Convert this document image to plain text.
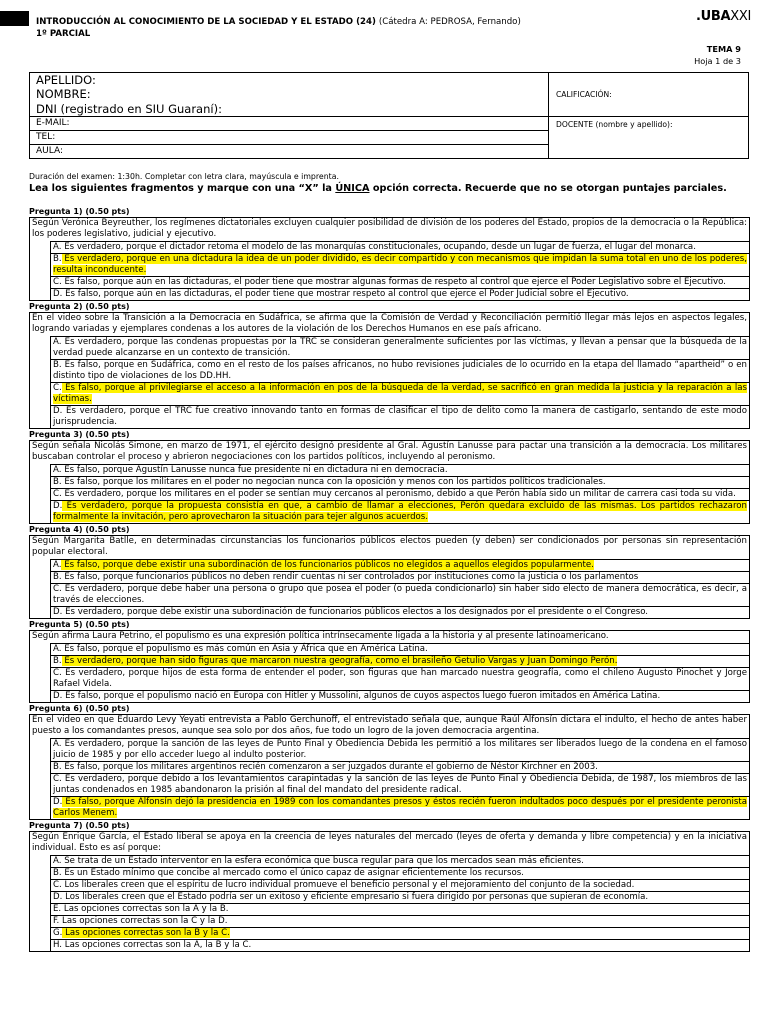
INTRODUCCIÓN AL CONOCIMIENTO DE LA SOCIEDAD Y EL ESTADO (24) (Cátedra A: PEDROSA, Fernando)
1º PARCIAL
.UBAXXI
TEMA 9
Hoja 1 de 3
APELLIDO:
NOMBRE:
DNI (registrado en SIU Guaraní):
E-MAIL:
TEL:
AULA:
CALIFICACIÓN:
DOCENTE (nombre y apellido):
Duración del examen: 1:30h. Completar con letra clara, mayúscula e imprenta.
Lea los siguientes fragmentos y marque con una “X” la ÚNICA opción correcta. Recuerde que no se otorgan puntajes parciales.
Pregunta 1) (0.50 pts)
Según Verónica Beyreuther, los regímenes dictatoriales excluyen cualquier posibilidad de división de los poderes del Estado, propios de la democracia o la República: los poderes legislativo, judicial y ejecutivo.
A. Es verdadero, porque el dictador retoma el modelo de las monarquías constitucionales, ocupando, desde un lugar de fuerza, el lugar del monarca.
B. Es verdadero, porque en una dictadura la idea de un poder dividido, es decir compartido y con mecanismos que impidan la suma total en uno de los poderes, resulta inconducente.
C. Es falso, porque aún en las dictaduras, el poder tiene que mostrar algunas formas de respeto al control que ejerce el Poder Legislativo sobre el Ejecutivo.
D. Es falso, porque aún en las dictaduras, el poder tiene que mostrar respeto al control que ejerce el Poder Judicial sobre el Ejecutivo.
Pregunta 2) (0.50 pts)
En el video sobre la Transición a la Democracia en Sudáfrica, se afirma que la Comisión de Verdad y Reconciliación permitió llegar más lejos en aspectos legales, logrando variadas y ejemplares condenas a los autores de la violación de los Derechos Humanos en ese país africano.
A. Es verdadero, porque las condenas propuestas por la TRC se consideran generalmente suficientes por las víctimas, y llevan a pensar que la búsqueda de la verdad puede alcanzarse en un contexto de transición.
B. Es falso, porque en Sudáfrica, como en el resto de los países africanos, no hubo revisiones judiciales de lo ocurrido en la etapa del llamado “apartheid” o en distinto tipo de violaciones de los DD.HH.
C. Es falso, porque al privilegiarse el acceso a la información en pos de la búsqueda de la verdad, se sacrificó en gran medida la justicia y la reparación a las víctimas.
D. Es verdadero, porque el TRC fue creativo innovando tanto en formas de clasificar el tipo de delito como la manera de castigarlo, sentando de este modo jurisprudencia.
Pregunta 3) (0.50 pts)
Según señala Nicolás Simone, en marzo de 1971, el ejército designó presidente al Gral. Agustín Lanusse para pactar una transición a la democracia. Los militares buscaban controlar el proceso y abrieron negociaciones con los partidos políticos, incluyendo al peronismo.
A. Es falso, porque Agustín Lanusse nunca fue presidente ni en dictadura ni en democracia.
B. Es falso, porque los militares en el poder no negocian nunca con la oposición y menos con los partidos políticos tradicionales.
C. Es verdadero, porque los militares en el poder se sentían muy cercanos al peronismo, debido a que Perón había sido un militar de carrera casi toda su vida.
D. Es verdadero, porque la propuesta consistía en que, a cambio de llamar a elecciones, Perón quedara excluido de las mismas. Los partidos rechazaron formalmente la invitación, pero aprovecharon la situación para tejer algunos acuerdos.
Pregunta 4) (0.50 pts)
Según Margarita Batlle, en determinadas circunstancias los funcionarios públicos electos pueden (y deben) ser condicionados por personas sin representación popular electoral.
A. Es falso, porque debe existir una subordinación de los funcionarios públicos no elegidos a aquellos elegidos popularmente.
B. Es falso, porque funcionarios públicos no deben rendir cuentas ni ser controlados por instituciones como la justicia o los parlamentos
C. Es verdadero, porque debe haber una persona o grupo que posea el poder (o pueda condicionarlo) sin haber sido electo de manera democrática, es decir, a través de elecciones.
D. Es verdadero, porque debe existir una subordinación de funcionarios públicos electos a los designados por el presidente o el Congreso.
Pregunta 5) (0.50 pts)
Según afirma Laura Petrino, el populismo es una expresión política intrínsecamente ligada a la historia y al presente latinoamericano.
A. Es falso, porque el populismo es más común en Asia y África que en América Latina.
B. Es verdadero, porque han sido figuras que marcaron nuestra geografía, como el brasileño Getulio Vargas y Juan Domingo Perón.
C. Es verdadero, porque hijos de esta forma de entender el poder, son figuras que han marcado nuestra geografía, como el chileno Augusto Pinochet y Jorge Rafael Videla.
D. Es falso, porque el populismo nació en Europa con Hitler y Mussolini, algunos de cuyos aspectos luego fueron imitados en América Latina.
Pregunta 6) (0.50 pts)
En el video en que Eduardo Levy Yeyati entrevista a Pablo Gerchunoff, el entrevistado señala que, aunque Raúl Alfonsín dictara el indulto, el hecho de antes haber puesto a los comandantes presos, aunque sea solo por dos años, fue todo un logro de la joven democracia argentina.
A. Es verdadero, porque la sanción de las leyes de Punto Final y Obediencia Debida les permitió a los militares ser liberados luego de la condena en el famoso juicio de 1985 y por ello acceder luego al indulto posterior.
B. Es falso, porque los militares argentinos recién comenzaron a ser juzgados durante el gobierno de Néstor Kirchner en 2003.
C. Es verdadero, porque debido a los levantamientos carapintadas y la sanción de las leyes de Punto Final y Obediencia Debida, de 1987, los miembros de las juntas condenados en 1985 abandonaron la prisión al final del mandato del presidente radical.
D. Es falso, porque Alfonsín dejó la presidencia en 1989 con los comandantes presos y éstos recién fueron indultados poco después por el presidente peronista Carlos Menem.
Pregunta 7) (0.50 pts)
Según Enrique García, el Estado liberal se apoya en la creencia de leyes naturales del mercado (leyes de oferta y demanda y libre competencia) y en la iniciativa individual. Esto es así porque:
A. Se trata de un Estado interventor en la esfera económica que busca regular para que los mercados sean más eficientes.
B. Es un Estado mínimo que concibe al mercado como el único capaz de asignar eficientemente los recursos.
C. Los liberales creen que el espíritu de lucro individual promueve el beneficio personal y el mejoramiento del conjunto de la sociedad.
D. Los liberales creen que el Estado podría ser un exitoso y eficiente empresario si fuera dirigido por personas que supieran de economía.
E. Las opciones correctas son la A y la B.
F. Las opciones correctas son la C y la D.
G. Las opciones correctas son la B y la C.
H. Las opciones correctas son la A, la B y la C.
